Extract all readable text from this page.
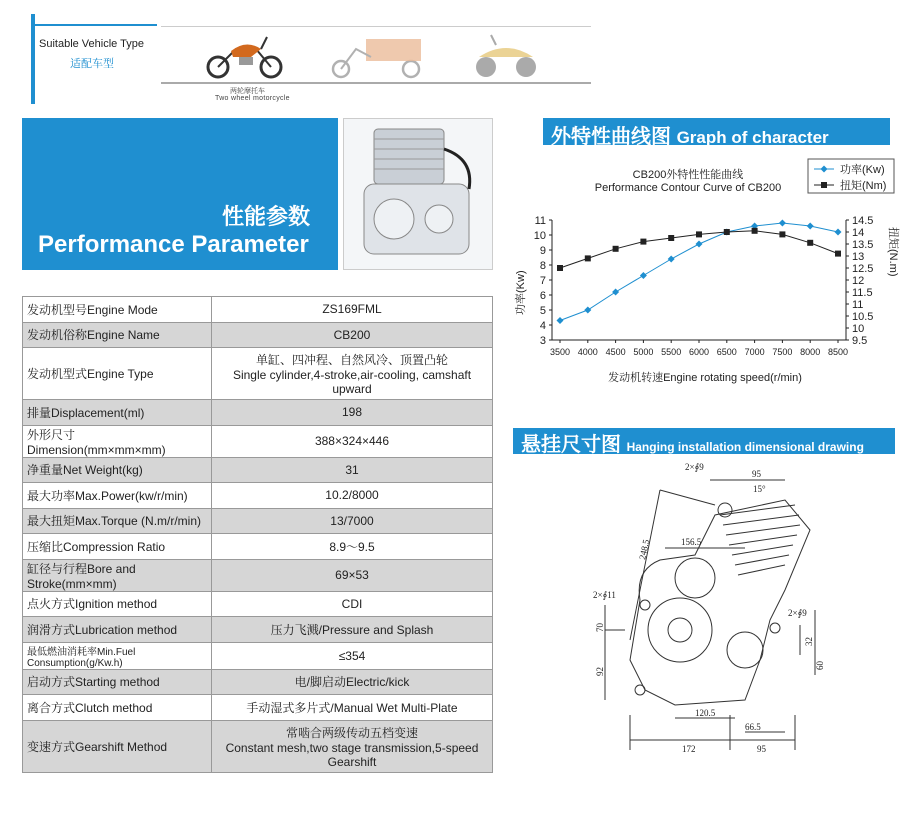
Suitable Vehicle Type
适配车型
两轮摩托车
Two wheel motorcycle
性能参数
Performance Parameter
发动机型号Engine Mode	ZS169FML
发动机俗称Engine Name	CB200
发动机型式Engine Type	单缸、四冲程、自然风冷、顶置凸轮
Single cylinder,4-stroke,air-cooling, camshaft upward

排量Displacement(ml)	198
外形尺寸Dimension(mm×mm×mm)	388×324×446
净重量Net Weight(kg)	31
最大功率Max.Power(kw/r/min)	10.2/8000
最大扭矩Max.Torque (N.m/r/min)	13/7000
压缩比Compression Ratio	8.9～9.5
缸径与行程Bore and Stroke(mm×mm)	69×53
点火方式Ignition method	CDI
润滑方式Lubrication method	压力飞溅/Pressure and Splash
最低燃油消耗率Min.Fuel Consumption(g/Kw.h)	≤354
启动方式Starting method	电/脚启动Electric/kick
离合方式Clutch method	手动湿式多片式/Manual Wet Multi-Plate
变速方式Gearshift Method	常啮合两级传动五档变速
Constant mesh,two stage transmission,5-speed Gearshift
外特性曲线图 Graph of character
CB200外特性性能曲线
Performance Contour Curve of CB200
功率(Kw)
扭矩(Nm)
3
4
5
6
7
8
9
10
11
9.5
10
10.5
11
11.5
12
12.5
13
13.5
14
14.5
3500 4000 4500 5000 5500 6000 6500 7000 7500 8000 8500
发动机转速Engine rotating speed(r/min)
功率(Kw)
扭矩(N.m)
悬挂尺寸图 Hanging installation dimensional drawing
95
15°
2×∮9
248.5	156.5
2×∮11
70
92
120.5
66.5
172	95
2×∮9
32
60
